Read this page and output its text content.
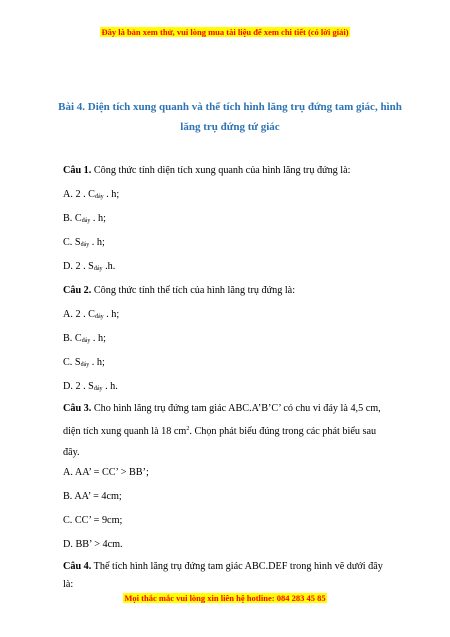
Đây là bản xem thử, vui lòng mua tài liệu để xem chi tiết (có lời giải)
Bài 4. Diện tích xung quanh và thể tích hình lăng trụ đứng tam giác, hình
lăng trụ đứng tứ giác
Câu 1. Công thức tính diện tích xung quanh của hình lăng trụ đứng là:
A. 2 . Cđáy . h;
B. Cđáy . h;
C. Sđáy . h;
D. 2 . Sđáy .h.
Câu 2. Công thức tính thể tích của hình lăng trụ đứng là:
A. 2 . Cđáy . h;
B. Cđáy . h;
C. Sđáy . h;
D. 2 . Sđáy . h.
Câu 3. Cho hình lăng trụ đứng tam giác ABC.A’B’C’ có chu vi đáy là 4,5 cm,
diện tích xung quanh là 18 $cm^2$. Chọn phát biểu đúng trong các phát biểu sau
đây.
A. AA’ = CC’ > BB’;
B. AA’ = 4cm;
C. CC’ = 9cm;
D. BB’ > 4cm.
Mọi thắc mắc vui lòng xin liên hệ hotline: 084 283 45 85
Câu 4. Thể tích hình lăng trụ đứng tam giác ABC.DEF trong hình vẽ dưới đây
là:
